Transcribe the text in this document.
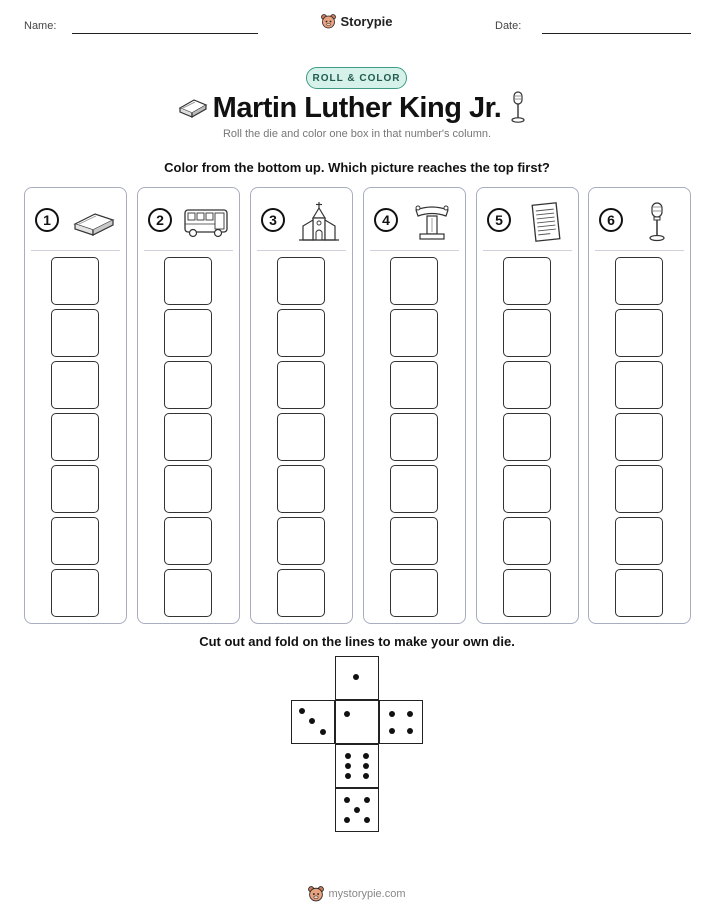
Name:	Storypie	Date:
ROLL & COLOR
Martin Luther King Jr.
Roll the die and color one box in that number's column.
Color from the bottom up. Which picture reaches the top first?
1	2	3	4	5	6
Cut out and fold on the lines to make your own die.
mystorypie.com
